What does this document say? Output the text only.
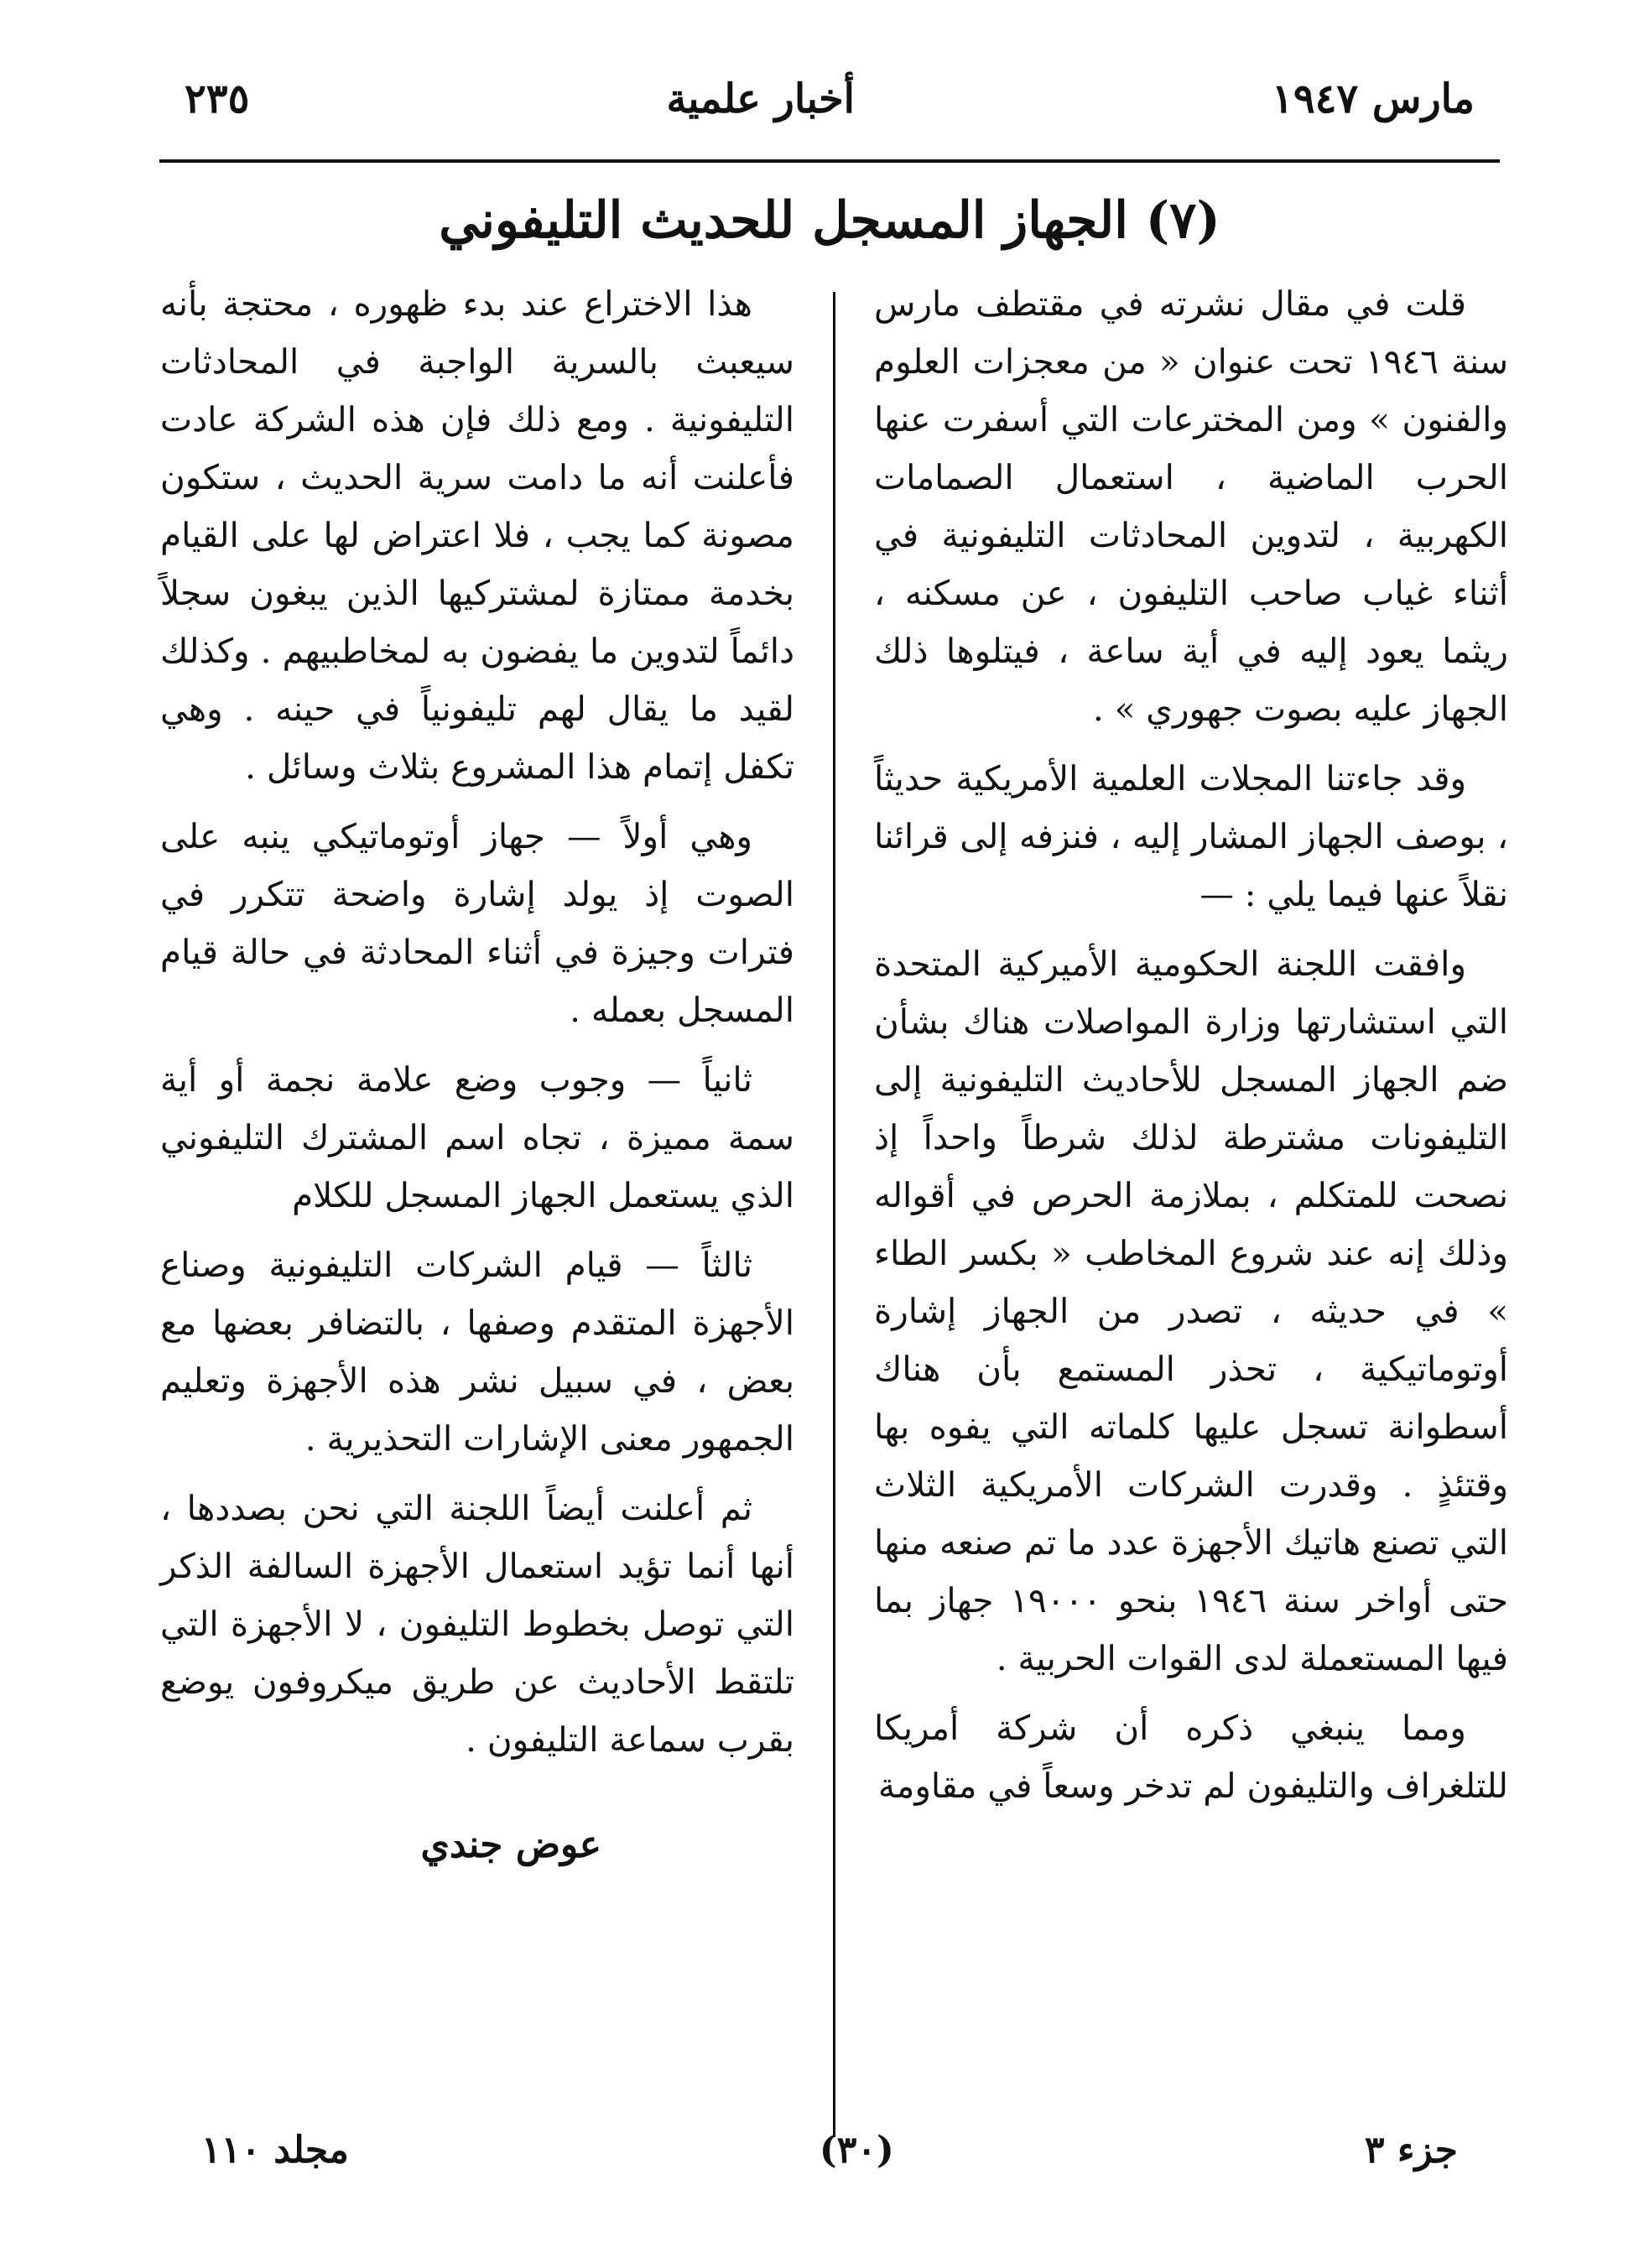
مارس ١٩٤٧
أخبار علمية
٢٣٥
(٧) الجهاز المسجل للحديث التليفوني

قلت في مقال نشرته في مقتطف مارس سنة ١٩٤٦ تحت عنوان « من معجزات العلوم والفنون » ومن المخترعات التي أسفرت عنها الحرب الماضية ، استعمال الصمامات الكهربية ، لتدوين المحادثات التليفونية في أثناء غياب صاحب التليفون ، عن مسكنه ، ريثما يعود إليه في أية ساعة ، فيتلوها ذلك الجهاز عليه بصوت جهوري » .

وقد جاءتنا المجلات العلمية الأمريكية حديثاً ، بوصف الجهاز المشار إليه ، فنزفه إلى قرائنا نقلاً عنها فيما يلي : —

وافقت اللجنة الحكومية الأميركية المتحدة التي استشارتها وزارة المواصلات هناك بشأن ضم الجهاز المسجل للأحاديث التليفونية إلى التليفونات مشترطة لذلك شرطاً واحداً إذ نصحت للمتكلم ، بملازمة الحرص في أقواله وذلك إنه عند شروع المخاطب « بكسر الطاء » في حديثه ، تصدر من الجهاز إشارة أوتوماتيكية ، تحذر المستمع بأن هناك أسطوانة تسجل عليها كلماته التي يفوه بها وقتئذٍ . وقدرت الشركات الأمريكية الثلاث التي تصنع هاتيك الأجهزة عدد ما تم صنعه منها حتى أواخر سنة ١٩٤٦ بنحو ١٩٠٠٠ جهاز بما فيها المستعملة لدى القوات الحربية .

ومما ينبغي ذكره أن شركة أمريكا للتلغراف والتليفون لم تدخر وسعاً في مقاومة

هذا الاختراع عند بدء ظهوره ، محتجة بأنه سيعبث بالسرية الواجبة في المحادثات التليفونية . ومع ذلك فإن هذه الشركة عادت فأعلنت أنه ما دامت سرية الحديث ، ستكون مصونة كما يجب ، فلا اعتراض لها على القيام بخدمة ممتازة لمشتركيها الذين يبغون سجلاً دائماً لتدوين ما يفضون به لمخاطبيهم . وكذلك لقيد ما يقال لهم تليفونياً في حينه . وهي تكفل إتمام هذا المشروع بثلاث وسائل .

وهي أولاً — جهاز أوتوماتيكي ينبه على الصوت إذ يولد إشارة واضحة تتكرر في فترات وجيزة في أثناء المحادثة في حالة قيام المسجل بعمله .

ثانياً — وجوب وضع علامة نجمة أو أية سمة مميزة ، تجاه اسم المشترك التليفوني الذي يستعمل الجهاز المسجل للكلام

ثالثاً — قيام الشركات التليفونية وصناع الأجهزة المتقدم وصفها ، بالتضافر بعضها مع بعض ، في سبيل نشر هذه الأجهزة وتعليم الجمهور معنى الإشارات التحذيرية .

ثم أعلنت أيضاً اللجنة التي نحن بصددها ، أنها أنما تؤيد استعمال الأجهزة السالفة الذكر التي توصل بخطوط التليفون ، لا الأجهزة التي تلتقط الأحاديث عن طريق ميكروفون يوضع بقرب سماعة التليفون .

عوض جندي
جزء ٣
(٣٠)
مجلد ١١٠
